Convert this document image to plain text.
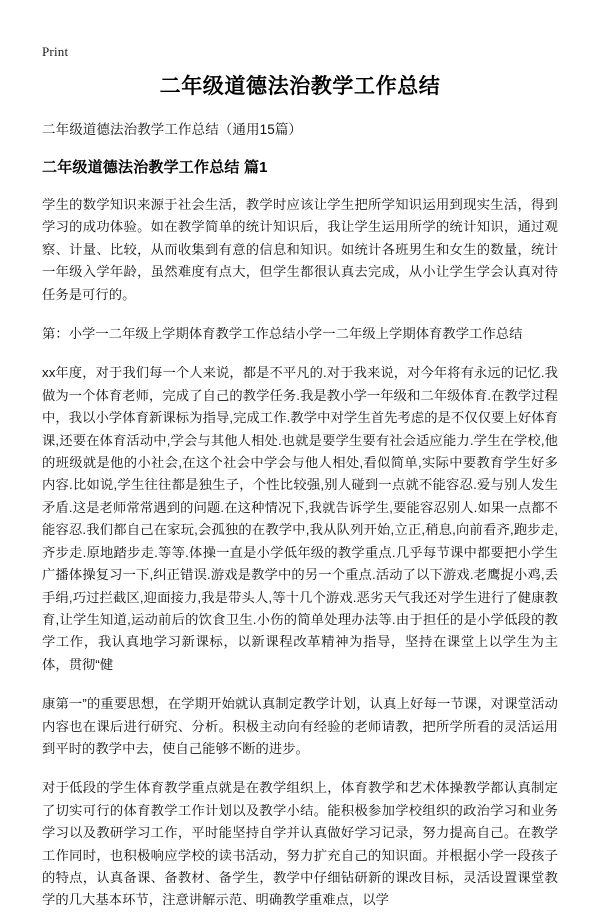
Print
二年级道德法治教学工作总结
二年级道德法治教学工作总结（通用15篇）
二年级道德法治教学工作总结 篇1

学生的数学知识来源于社会生活，教学时应该让学生把所学知识运用到现实生活，得到学习的成功体验。如在教学简单的统计知识后，我让学生运用所学的统计知识，通过观察、计量、比较，从而收集到有意的信息和知识。如统计各班男生和女生的数量，统计一年级入学年龄，虽然难度有点大，但学生都很认真去完成，从小让学生学会认真对待任务是可行的。

第：小学一二年级上学期体育教学工作总结小学一二年级上学期体育教学工作总结

xx年度，对于我们每一个人来说，都是不平凡的.对于我来说，对今年将有永远的记忆.我做为一个体育老师，完成了自己的教学任务.我是教小学一年级和二年级体育.在教学过程中，我以小学体育新课标为指导,完成工作.教学中对学生首先考虑的是不仅仅要上好体育课,还要在体育活动中,学会与其他人相处.也就是要学生要有社会适应能力.学生在学校,他的班级就是他的小社会,在这个社会中学会与他人相处,看似简单,实际中要教育学生好多内容.比如说,学生往往都是独生子，个性比较强,别人碰到一点就不能容忍.爱与别人发生矛盾.这是老师常常遇到的问题.在这种情况下,我就告诉学生,要能容忍别人.如果一点都不能容忍.我们都自己在家玩,会孤独的在教学中,我从队列开始,立正,稍息,向前看齐,跑步走,齐步走.原地踏步走.等等.体操一直是小学低年级的教学重点.几乎每节课中都要把小学生广播体操复习一下,纠正错误.游戏是教学中的另一个重点.活动了以下游戏.老鹰捉小鸡,丢手绢,巧过拦截区,迎面接力,我是带头人,等十几个游戏.恶劣天气我还对学生进行了健康教育,让学生知道,运动前后的饮食卫生.小伤的简单处理办法等.由于担任的是小学低段的教学工作，我认真地学习新课标，以新课程改革精神为指导，坚持在课堂上以学生为主体，贯彻“健

康第一”的重要思想，在学期开始就认真制定教学计划，认真上好每一节课，对课堂活动内容也在课后进行研究、分析。积极主动向有经验的老师请教，把所学所看的灵活运用到平时的教学中去，使自己能够不断的进步。

对于低段的学生体育教学重点就是在教学组织上，体育教学和艺术体操教学都认真制定了切实可行的体育教学工作计划以及教学小结。能积极参加学校组织的政治学习和业务学习以及教研学习工作，平时能坚持自学并认真做好学习记录，努力提高自己。在教学工作同时，也积极响应学校的读书活动，努力扩充自己的知识面。并根据小学一段孩子的特点，认真备课、备教材、备学生，教学中仔细钻研新的课改目标，灵活设置课堂教学的几大基本环节，注意讲解示范、明确教学重难点，以学
